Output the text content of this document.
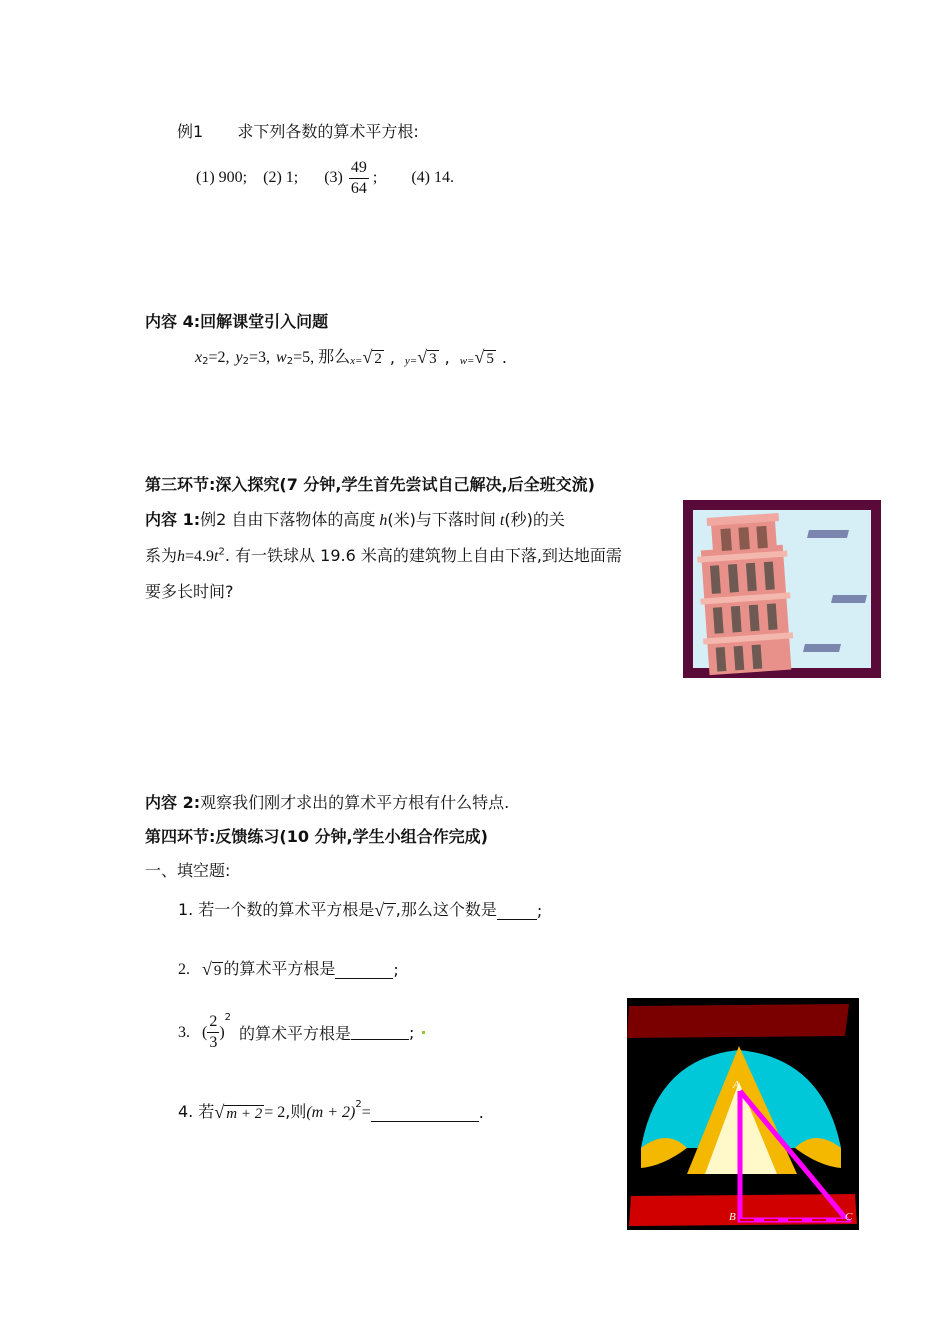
例1 求下列各数的算术平方根:
(1) 900; (2) 1; $(3) \frac{49}{64}$ ; (4) 14.
内容 4:回解课堂引入问题
x 2 =2, y 2 =3, w 2 =5, 那么 x= √ 2 , y= √ 3 , w= √ 5 .
第三环节:深入探究(7 分钟,学生首先尝试自己解决,后全班交流)
内容 1:例2 自由下落物体的高度 h(米)与下落时间 t(秒)的关
系为$h=4.9t^2$. 有一铁球从 19.6 米高的建筑物上自由下落,到达地面需
要多长时间?
内容 2:观察我们刚才求出的算术平方根有什么特点.
第四环节:反馈练习(10 分钟,学生小组合作完成)
一、填空题:
1. 若一个数的算术平方根是 √ 7 ,那么这个数是	;
2. √ 9 的算术平方根是	;
3. ( $\frac{2}{3}$ )
2
的算术平方根是	;
4. 若 √ m + 2 = 2 ,则 (m + 2) 2 =	.
A
B	C
